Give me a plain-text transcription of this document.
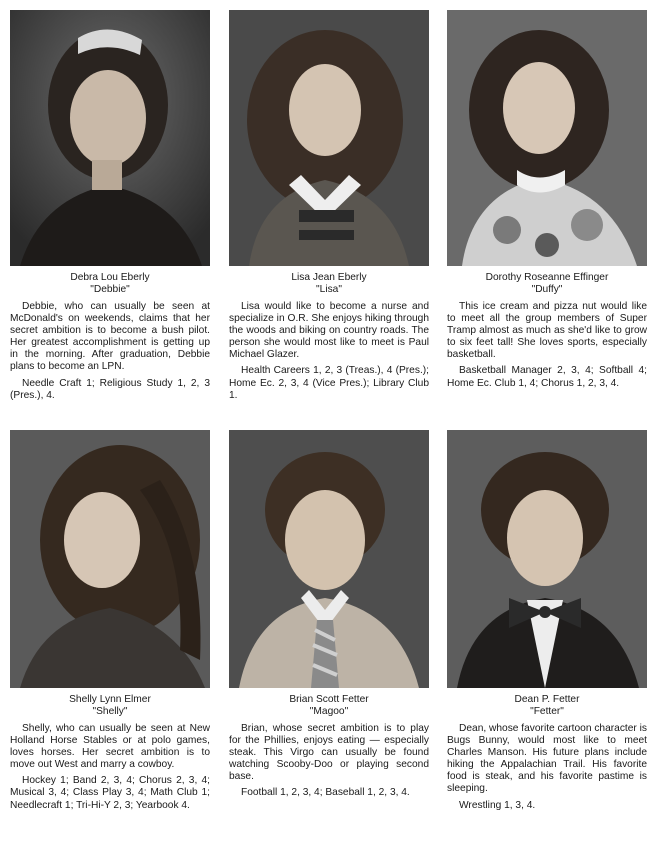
Debra Lou Eberly

"Debbie"

Debbie, who can usually be seen at McDonald's on weekends, claims that her secret ambition is to become a bush pilot. Her greatest accomplishment is getting up in the morning. After graduation, Debbie plans to become an LPN.

Needle Craft 1; Religious Study 1, 2, 3 (Pres.), 4.

Lisa Jean Eberly

"Lisa"

Lisa would like to become a nurse and specialize in O.R. She enjoys hiking through the woods and biking on country roads. The person she would most like to meet is Paul Michael Glazer.

Health Careers 1, 2, 3 (Treas.), 4 (Pres.); Home Ec. 2, 3, 4 (Vice Pres.); Library Club 1.

Dorothy Roseanne Effinger

"Duffy"

This ice cream and pizza nut would like to meet all the group members of Super Tramp almost as much as she'd like to grow to six feet tall! She loves sports, especially basketball.

Basketball Manager 2, 3, 4; Softball 4; Home Ec. Club 1, 4; Chorus 1, 2, 3, 4.

Shelly Lynn Elmer

"Shelly"

Shelly, who can usually be seen at New Holland Horse Stables or at polo games, loves horses. Her secret ambition is to move out West and marry a cowboy.

Hockey 1; Band 2, 3, 4; Chorus 2, 3, 4; Musical 3, 4; Class Play 3, 4; Math Club 1; Needlecraft 1; Tri-Hi-Y 2, 3; Yearbook 4.

Brian Scott Fetter

"Magoo"

Brian, whose secret ambition is to play for the Phillies, enjoys eating — especially steak. This Virgo can usually be found watching Scooby-Doo or playing second base.

Football 1, 2, 3, 4; Baseball 1, 2, 3, 4.

Dean P. Fetter

"Fetter"

Dean, whose favorite cartoon character is Bugs Bunny, would most like to meet Charles Manson. His future plans include hiking the Appalachian Trail. His favorite food is steak, and his favorite pastime is sleeping.

Wrestling 1, 3, 4.
